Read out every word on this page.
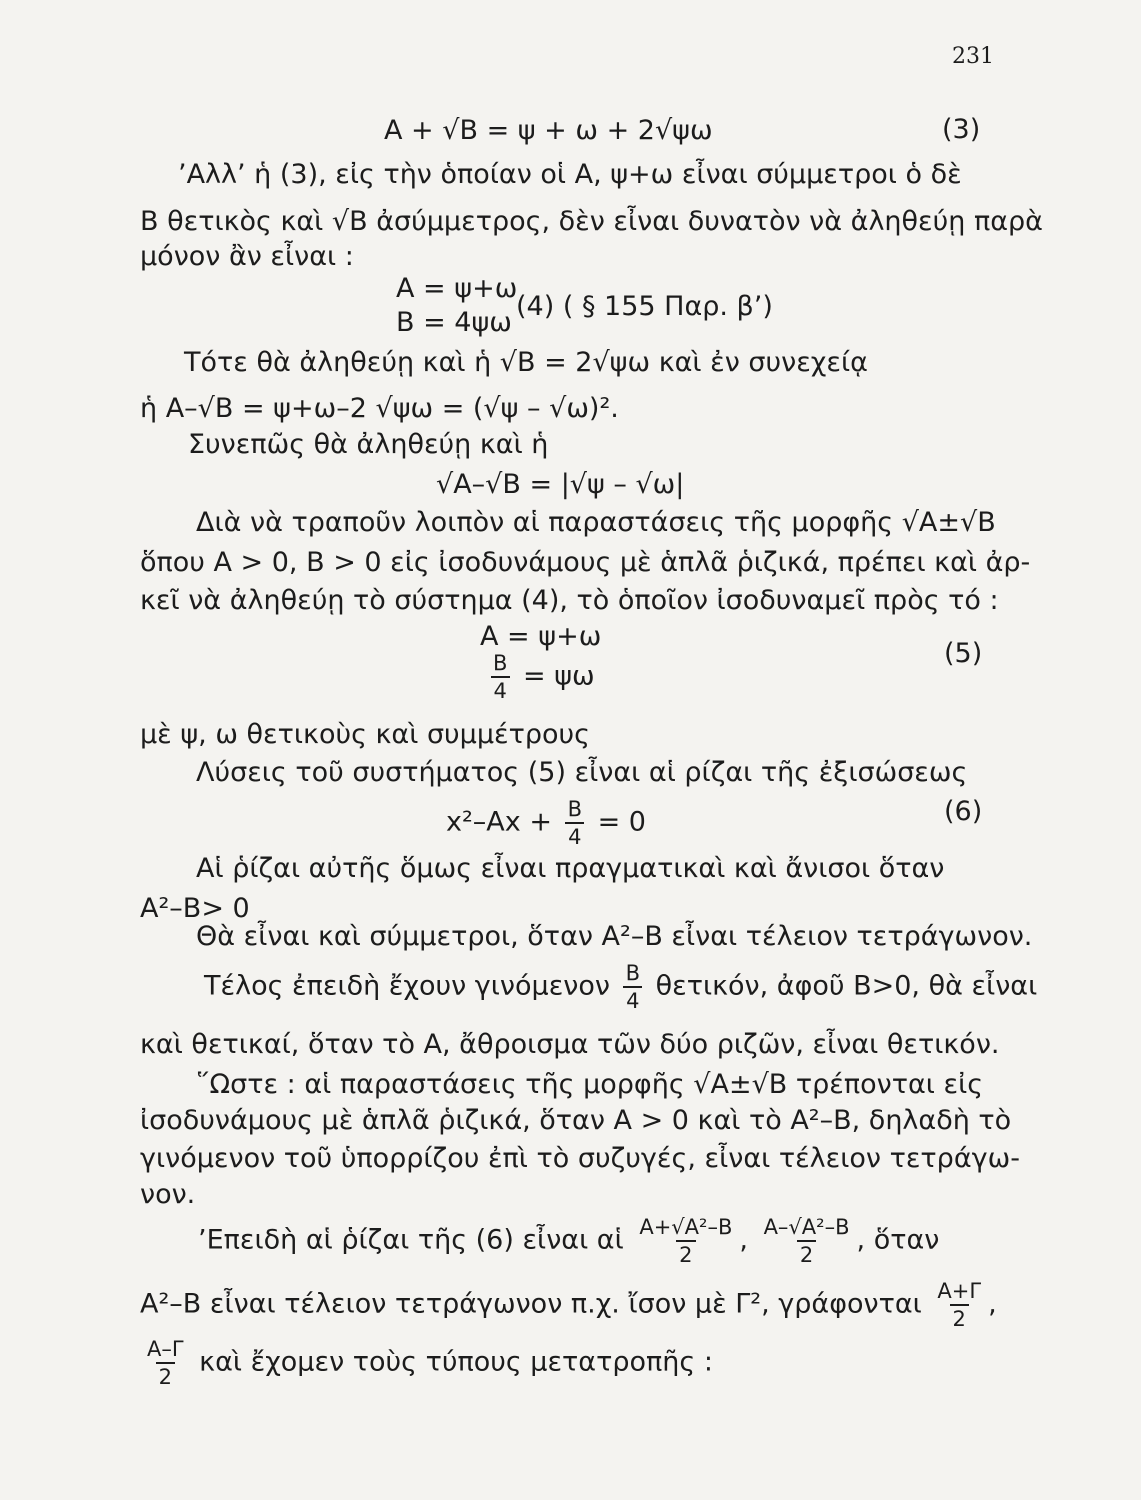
231
A + √B = ψ + ω + 2√ψω	(3)
’Αλλ’ ἡ (3), εἰς τὴν ὁποίαν οἱ Α, ψ+ω εἶναι σύμμετροι ὁ δὲ
Β θετικὸς καὶ √Β ἀσύμμετρος, δὲν εἶναι δυνατὸν νὰ ἀληθεύῃ παρὰ
μόνον ἂν εἶναι :
Α = ψ+ω
Β = 4ψω
(4) ( § 155 Παρ. β’)
Τότε θὰ ἀληθεύῃ καὶ ἡ √Β = 2√ψω καὶ ἐν συνεχείᾳ
ἡ Α–√Β = ψ+ω–2 √ψω = (√ψ – √ω)².
Συνεπῶς θὰ ἀληθεύῃ καὶ ἡ
√Α–√Β = |√ψ – √ω|
Διὰ νὰ τραποῦν λοιπὸν αἱ παραστάσεις τῆς μορφῆς √Α±√Β
ὅπου Α > 0, Β > 0 εἰς ἰσοδυνάμους μὲ ἁπλᾶ ῥιζικά, πρέπει καὶ ἀρ-
κεῖ νὰ ἀληθεύῃ τὸ σύστημα (4), τὸ ὁποῖον ἰσοδυναμεῖ πρὸς τό :
Α = ψ+ω
$\frac{B}{4} = \psi\omega$
(5)
μὲ ψ, ω θετικοὺς καὶ συμμέτρους
Λύσεις τοῦ συστήματος (5) εἶναι αἱ ρίζαι τῆς ἐξισώσεως
$x^2-Ax + \frac{B}{4} = 0$	(6)
Αἱ ῥίζαι αὐτῆς ὅμως εἶναι πραγματικαὶ καὶ ἄνισοι ὅταν
Α²–Β> 0
Θὰ εἶναι καὶ σύμμετροι, ὅταν Α²–Β εἶναι τέλειον τετράγωνον.
Τέλος ἐπειδὴ ἔχουν γινόμενον $\frac{B}{4} \theta\varepsilon\tau\iota\kappa ό\nu$, ἀφοῦ Β>0, θὰ εἶναι
καὶ θετικαί, ὅταν τὸ Α, ἄθροισμα τῶν δύο ριζῶν, εἶναι θετικόν.
῞Ωστε : αἱ παραστάσεις τῆς μορφῆς √Α±√Β τρέπονται εἰς
ἰσοδυνάμους μὲ ἁπλᾶ ῥιζικά, ὅταν Α > 0 καὶ τὸ Α²–Β, δηλαδὴ τὸ
γινόμενον τοῦ ὑπορρίζου ἐπὶ τὸ συζυγές, εἶναι τέλειον τετράγω-
νον.
’Επειδὴ αἱ ῥίζαι τῆς (6) εἶναι αἱ $\frac{\text{Α+√Α²–Β}}{2}$ , $\frac{\text{Α–√Α²–Β}}{2}$ , ὅταν
Α²–Β εἶναι τέλειον τετράγωνον π.χ. ἴσον μὲ Γ², γράφονται $\frac{A+\Gamma}{2}$ ,
$\frac{A-\Gamma}{2}$ καὶ ἔχομεν τοὺς τύπους μετατροπῆς :
